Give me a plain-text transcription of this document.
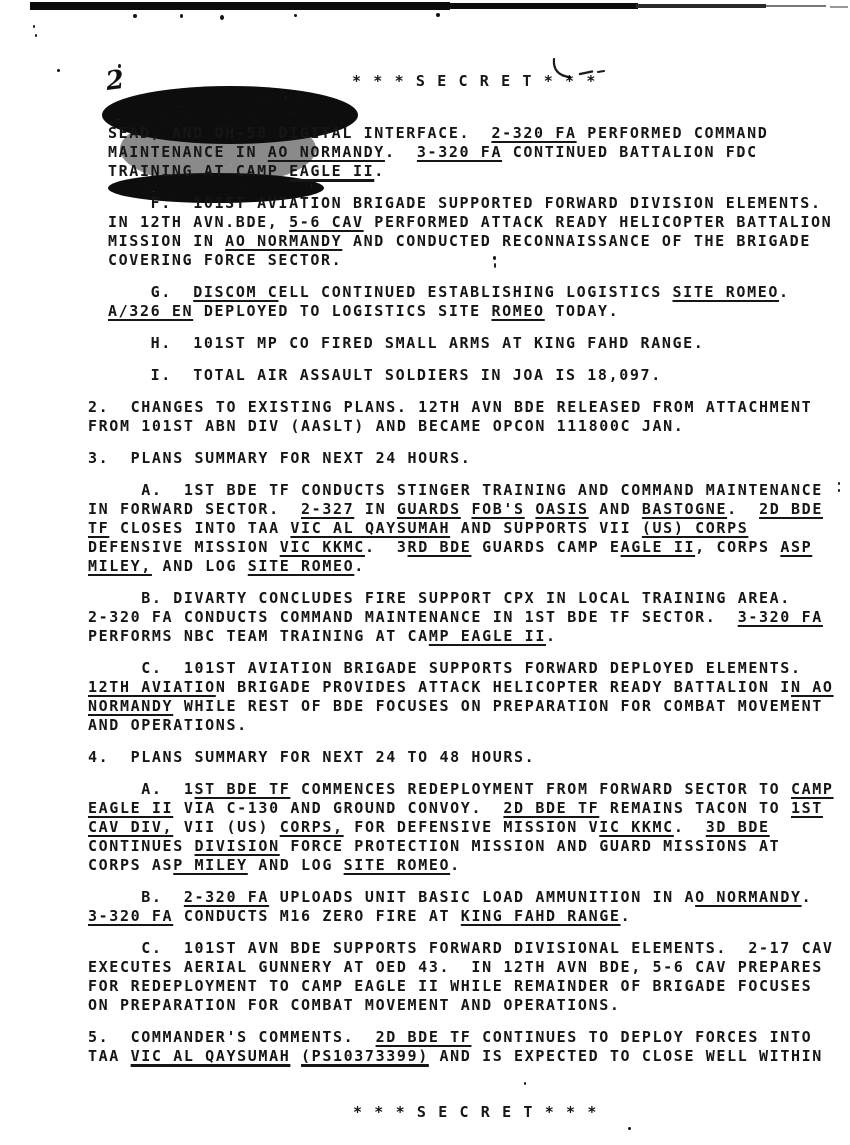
2	* * * S E C R E T * * *
SEAD, AND OH-58 DIGITAL INTERFACE.  2-320 FA PERFORMED COMMAND
MAINTENANCE IN AO NORMANDY.  3-320 FA CONTINUED BATTALION FDC
TRAINING AT CAMP EAGLE II.
F.  101ST AVIATION BRIGADE SUPPORTED FORWARD DIVISION ELEMENTS.
IN 12TH AVN.BDE, 5-6 CAV PERFORMED ATTACK READY HELICOPTER BATTALION
MISSION IN AO NORMANDY AND CONDUCTED RECONNAISSANCE OF THE BRIGADE
COVERING FORCE SECTOR.
G.  DISCOM CELL CONTINUED ESTABLISHING LOGISTICS SITE ROMEO.
A/326 EN DEPLOYED TO LOGISTICS SITE ROMEO TODAY.
H.  101ST MP CO FIRED SMALL ARMS AT KING FAHD RANGE.
I.  TOTAL AIR ASSAULT SOLDIERS IN JOA IS 18,097.
2.  CHANGES TO EXISTING PLANS. 12TH AVN BDE RELEASED FROM ATTACHMENT
FROM 101ST ABN DIV (AASLT) AND BECAME OPCON 111800C JAN.
3.  PLANS SUMMARY FOR NEXT 24 HOURS.
A.  1ST BDE TF CONDUCTS STINGER TRAINING AND COMMAND MAINTENANCE
IN FORWARD SECTOR.  2-327 IN GUARDS FOB'S OASIS AND BASTOGNE.  2D BDE
TF CLOSES INTO TAA VIC AL QAYSUMAH AND SUPPORTS VII (US) CORPS
DEFENSIVE MISSION VIC KKMC.  3RD BDE GUARDS CAMP EAGLE II, CORPS ASP
MILEY, AND LOG SITE ROMEO.
B. DIVARTY CONCLUDES FIRE SUPPORT CPX IN LOCAL TRAINING AREA.
2-320 FA CONDUCTS COMMAND MAINTENANCE IN 1ST BDE TF SECTOR.  3-320 FA
PERFORMS NBC TEAM TRAINING AT CAMP EAGLE II.
C.  101ST AVIATION BRIGADE SUPPORTS FORWARD DEPLOYED ELEMENTS.
12TH AVIATION BRIGADE PROVIDES ATTACK HELICOPTER READY BATTALION IN AO
NORMANDY WHILE REST OF BDE FOCUSES ON PREPARATION FOR COMBAT MOVEMENT
AND OPERATIONS.
4.  PLANS SUMMARY FOR NEXT 24 TO 48 HOURS.
A.  1ST BDE TF COMMENCES REDEPLOYMENT FROM FORWARD SECTOR TO CAMP
EAGLE II VIA C-130 AND GROUND CONVOY.  2D BDE TF REMAINS TACON TO 1ST
CAV DIV, VII (US) CORPS, FOR DEFENSIVE MISSION VIC KKMC.  3D BDE
CONTINUES DIVISION FORCE PROTECTION MISSION AND GUARD MISSIONS AT
CORPS ASP MILEY AND LOG SITE ROMEO.
B.  2-320 FA UPLOADS UNIT BASIC LOAD AMMUNITION IN AO NORMANDY.
3-320 FA CONDUCTS M16 ZERO FIRE AT KING FAHD RANGE.
C.  101ST AVN BDE SUPPORTS FORWARD DIVISIONAL ELEMENTS.  2-17 CAV
EXECUTES AERIAL GUNNERY AT OED 43.  IN 12TH AVN BDE, 5-6 CAV PREPARES
FOR REDEPLOYMENT TO CAMP EAGLE II WHILE REMAINDER OF BRIGADE FOCUSES
ON PREPARATION FOR COMBAT MOVEMENT AND OPERATIONS.
5.  COMMANDER'S COMMENTS.  2D BDE TF CONTINUES TO DEPLOY FORCES INTO
TAA VIC AL QAYSUMAH (PS10373399) AND IS EXPECTED TO CLOSE WELL WITHIN
* * * S E C R E T * * *
